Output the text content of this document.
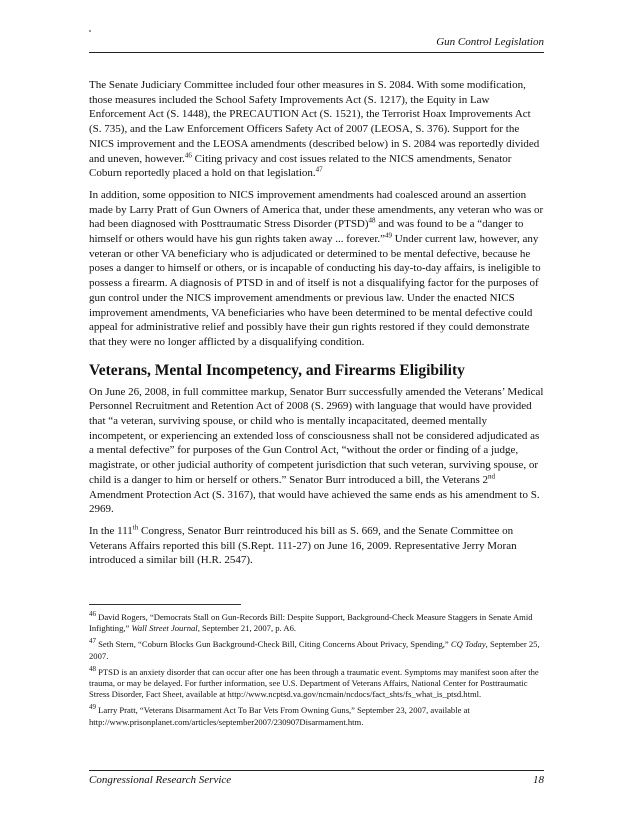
Gun Control Legislation

The Senate Judiciary Committee included four other measures in S. 2084. With some modification, those measures included the School Safety Improvements Act (S. 1217), the Equity in Law Enforcement Act (S. 1448), the PRECAUTION Act (S. 1521), the Terrorist Hoax Improvements Act (S. 735), and the Law Enforcement Officers Safety Act of 2007 (LEOSA, S. 376). Support for the NICS improvement and the LEOSA amendments (described below) in S. 2084 was reportedly divided and uneven, however.$^{46}$ Citing privacy and cost issues related to the NICS amendments, Senator Coburn reportedly placed a hold on that legislation.$^{47}$

In addition, some opposition to NICS improvement amendments had coalesced around an assertion made by Larry Pratt of Gun Owners of America that, under these amendments, any veteran who was or had been diagnosed with Posttraumatic Stress Disorder (PTSD)$^{48}$ and was found to be a “danger to himself or others would have his gun rights taken away ... forever.”$^{49}$ Under current law, however, any veteran or other VA beneficiary who is adjudicated or determined to be mental defective, because he poses a danger to himself or others, or is incapable of conducting his day-to-day affairs, is ineligible to possess a firearm. A diagnosis of PTSD in and of itself is not a disqualifying factor for the purposes of gun control under the NICS improvement amendments or previous law. Under the enacted NICS improvement amendments, VA beneficiaries who have been determined to be mental defective could appeal for administrative relief and possibly have their gun rights restored if they could demonstrate that they were no longer afflicted by a disqualifying condition.

Veterans, Mental Incompetency, and Firearms Eligibility

On June 26, 2008, in full committee markup, Senator Burr successfully amended the Veterans’ Medical Personnel Recruitment and Retention Act of 2008 (S. 2969) with language that would have provided that “a veteran, surviving spouse, or child who is mentally incapacitated, deemed mentally incompetent, or experiencing an extended loss of consciousness shall not be considered adjudicated as a mental defective” for purposes of the Gun Control Act, “without the order or finding of a judge, magistrate, or other judicial authority of competent jurisdiction that such veteran, surviving spouse, or child is a danger to him or herself or others.” Senator Burr introduced a bill, the Veterans 2nd Amendment Protection Act (S. 3167), that would have achieved the same ends as his amendment to S. 2969.

In the 111th Congress, Senator Burr reintroduced his bill as S. 669, and the Senate Committee on Veterans Affairs reported this bill (S.Rept. 111-27) on June 16, 2009. Representative Jerry Moran introduced a similar bill (H.R. 2547).

$^{46}$ David Rogers, “Democrats Stall on Gun-Records Bill: Despite Support, Background-Check Measure Staggers in Senate Amid Infighting,” Wall Street Journal, September 21, 2007, p. A6.

$^{47}$ Seth Stern, “Coburn Blocks Gun Background-Check Bill, Citing Concerns About Privacy, Spending,” CQ Today, September 25, 2007.

$^{48}$ PTSD is an anxiety disorder that can occur after one has been through a traumatic event. Symptoms may manifest soon after the trauma, or may be delayed. For further information, see U.S. Department of Veterans Affairs, National Center for Posttraumatic Stress Disorder, Fact Sheet, available at http://www.ncptsd.va.gov/ncmain/ncdocs/fact_shts/fs_what_is_ptsd.html.

$^{49}$ Larry Pratt, “Veterans Disarmament Act To Bar Vets From Owning Guns,” September 23, 2007, available at http://www.prisonplanet.com/articles/september2007/230907Disarmament.htm.

Congressional Research Service	18
